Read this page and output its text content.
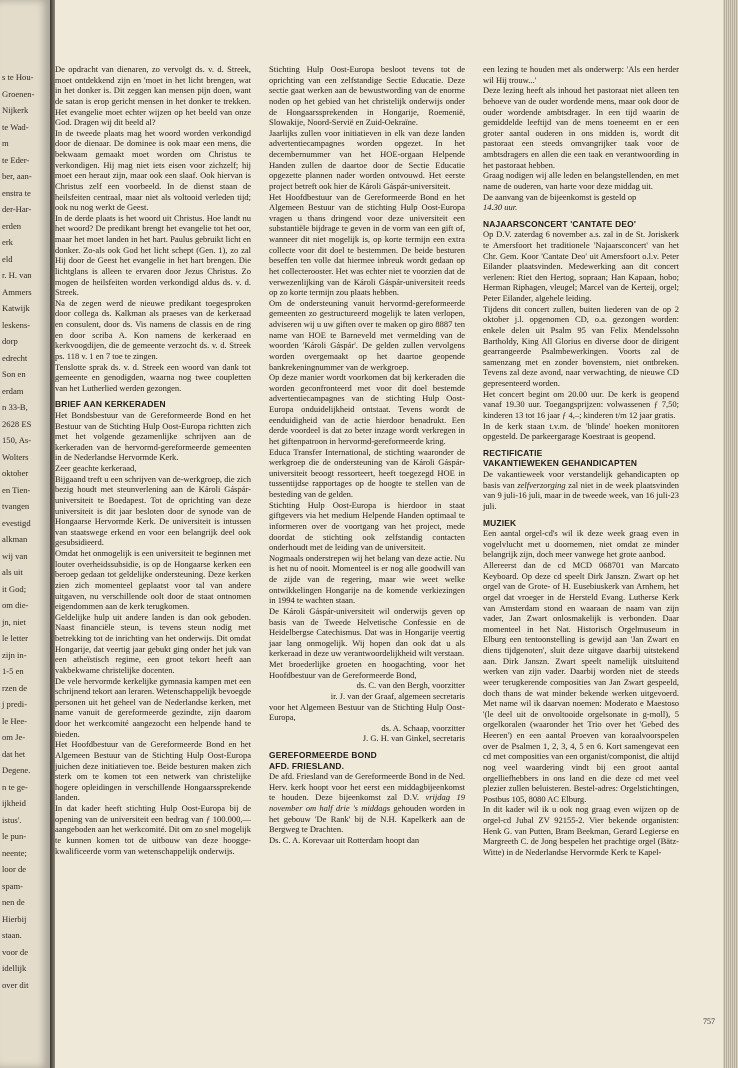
s te Hou-
Groenen-
Nijkerk
te Wad-
m
te Eder-
ber, aan-
enstra te
der-Har-
erden
erk
eld
r. H. van
Ammers
Katwijk
leskens-
dorp
edrecht
Son en
erdam
n 33-B,
2628 ES
150, As-
Wolters
oktober
en Tien-
tvangen
evestigd
alkman
wij van
als uit
it God;
om die-
jn, niet
le letter
zijn in-
1-5 en
rzen de
j predi-
le Hee-
om Je-
dat het
Degene.
n te ge-
ijkheid
istus'.
le pun-
neente;
loor de
spam-
nen de
Hierbij
staan.
voor de
idellijk
over dit

De opdracht van dienaren, zo vervolgt ds. v. d. Streek, moet ontdekkend zijn en 'moet in het licht brengen, wat in het donker is. Dit zeggen kan mensen pijn doen, want de satan is erop gericht mensen in het donker te trekken. Het evangelie moet echter wijzen op het beeld van onze God. Dragen wij dit beeld al?

In de tweede plaats mag het woord worden verkondigd door de dienaar. De dominee is ook maar een mens, die bekwaam gemaakt moet worden om Christus te verkondigen. Hij mag niet iets eisen voor zichzelf; hij moet een heraut zijn, maar ook een slaaf. Ook hiervan is Christus zelf een voorbeeld. In de dienst staan de heilsfeiten centraal, maar niet als voltooid verleden tijd; ook nu nog werkt de Geest.

In de derde plaats is het woord uit Christus. Hoe landt nu het woord? De predikant brengt het evangelie tot het oor, maar het moet landen in het hart. Paulus gebruikt licht en donker. Zo-als ook God het licht schept (Gen. 1), zo zal Hij door de Geest het evangelie in het hart brengen. Die lichtglans is alleen te ervaren door Jezus Christus. Zo mogen de heilsfeiten worden verkondigd aldus ds. v. d. Streek.

Na de zegen werd de nieuwe predikant toegesproken door collega ds. Kalkman als praeses van de kerkeraad en consulent, door ds. Vis namens de classis en de ring en door scriba A. Kon namens de kerkeraad en kerkvoogdijen, die de gemeente verzocht ds. v. d. Streek ps. 118 v. 1 en 7 toe te zingen.

Tenslotte sprak ds. v. d. Streek een woord van dank tot gemeente en genodigden, waarna nog twee coupletten van het Lutherlied werden gezongen.

BRIEF AAN KERKERADEN

Het Bondsbestuur van de Gereformeerde Bond en het Bestuur van de Stichting Hulp Oost-Europa richtten zich met het volgende gezamenlijke schrijven aan de kerkeraden van de hervormd-gereformeerde gemeenten in de Nederlandse Hervormde Kerk.

Zeer geachte kerkeraad,

Bijgaand treft u een schrijven van de-werkgroep, die zich bezig houdt met steunverlening aan de Károli Gáspár-universiteit te Boedapest. Tot de oprichting van deze universiteit is dit jaar besloten door de synode van de Hongaarse Hervormde Kerk. De universiteit is intussen van staatswege erkend en voor een belangrijk deel ook gesubsidieerd.

Omdat het onmogelijk is een universiteit te beginnen met louter overheidssubsidie, is op de Hongaarse kerken een beroep gedaan tot geldelijke ondersteuning. Deze kerken zien zich momenteel geplaatst voor tal van andere uitgaven, nu verschillende oolt door de staat ontnomen eigendommen aan de kerk terugkomen.

Geldelijke hulp uit andere landen is dan ook geboden. Naast financiële steun, is tevens steun nodig met betrekking tot de inrichting van het onderwijs. Dit omdat Hongarije, dat veertig jaar gebukt ging onder het juk van een atheïstisch regime, een groot tekort heeft aan vakbekwame christelijke docenten.

De vele hervormde kerkelijke gymnasia kampen met een schrijnend tekort aan leraren. Wetenschappelijk bevoegde personen uit het geheel van de Nederlandse kerken, met name vanuit de gereformeerde gezindte, zijn daarom door het werkcomité aangezocht een helpende hand te bieden.

Het Hoofdbestuur van de Gereformeerde Bond en het Algemeen Bestuur van de Stichting Hulp Oost-Europa juichen deze initiatieven toe. Beide besturen maken zich sterk om te komen tot een netwerk van christelijke hogere opleidingen in verschillende Hongaarssprekende landen.

In dat kader heeft stichting Hulp Oost-Europa bij de opening van de universiteit een bedrag van ƒ 100.000,— aangeboden aan het werkcomité. Dit om zo snel mogelijk te kunnen komen tot de uitbouw van deze hooggekwalificeerde vorm van wetenschappelijk onderwijs.

Stichting Hulp Oost-Europa besloot tevens tot de oprichting van een zelfstandige Sectie Educatie. Deze sectie gaat werken aan de bewustwording van de enorme noden op het gebied van het christelijk onderwijs onder de Hongaarssprekenden in Hongarije, Roemenië, Slowakije, Noord-Servië en Zuid-Oekraïne.

Jaarlijks zullen voor initiatieven in elk van deze landen advertentiecampagnes worden opgezet. In het decembernummer van het HOE-orgaan Helpende Handen zullen de daartoe door de Sectie Educatie opgezette plannen nader worden ontvouwd. Het eerste project betreft ook hier de Károli Gáspár-universiteit.

Het Hoofdbestuur van de Gereformeerde Bond en het Algemeen Bestuur van de stichting Hulp Oost-Europa vragen u thans dringend voor deze universiteit een substantiële bijdrage te geven in de vorm van een gift of, wanneer dit niet mogelijk is, op korte termijn een extra collecte voor dit doel te bestemmen. De beide besturen beseffen ten volle dat hiermee inbreuk wordt gedaan op het collecterooster. Het was echter niet te voorzien dat de verwezenlijking van de Károli Gáspár-universiteit reeds op zo korte termijn zou plaats hebben.

Om de ondersteuning vanuit hervormd-gereformeerde gemeenten zo gestructureerd mogelijk te laten verlopen, adviseren wij u uw giften over te maken op giro 8887 ten name van HOE te Barneveld met vermelding van de woorden 'Károli Gáspár'. De gelden zullen vervolgens worden overgemaakt op het daartoe geopende bankrekeningnummer van de werkgroep.

Op deze manier wordt voorkomen dat bij kerkeraden die worden geconfronteerd met voor dit doel bestemde advertentiecampagnes van de stichting Hulp Oost-Europa onduidelijkheid ontstaat. Tevens wordt de eenduidigheid van de actie hierdoor benadrukt. Een derde voordeel is dat zo beter inzage wordt verkregen in het giftenpatroon in hervormd-gereformeerde kring.

Educa Transfer International, de stichting waaronder de werkgroep die de ondersteuning van de Károli Gáspár-universiteit beoogt ressorteert, heeft toegezegd HOE in tussentijdse rapportages op de hoogte te stellen van de besteding van de gelden.

Stichting Hulp Oost-Europa is hierdoor in staat giftgevers via het medium Helpende Handen optimaal te informeren over de voortgang van het project, mede doordat de stichting ook zelfstandig contacten onderhoudt met de leiding van de universiteit.

Nogmaals onderstrepen wij het belang van deze actie. Nu is het nu of nooit. Momenteel is er nog alle goodwill van de zijde van de regering, maar wie weet welke ontwikkelingen Hongarije na de komende verkiezingen in 1994 te wachten staan.

De Károli Gáspár-universiteit wil onderwijs geven op basis van de Tweede Helvetische Confessie en de Heidelbergse Catechismus. Dat was in Hongarije veertig jaar lang onmogelijk. Wij hopen dan ook dat u als kerkeraad in deze uw verantwoordelijkheid wilt verstaan.

Met broederlijke groeten en hoogachting, voor het Hoofdbestuur van de Gereformeerde Bond,

ds. C. van den Bergh, voorzitter

ir. J. van der Graaf, algemeen secretaris

voor het Algemeen Bestuur van de Stichting Hulp Oost-Europa,

ds. A. Schaap, voorzitter

J. G. H. van Ginkel, secretaris

GEREFORMEERDE BOND
AFD. FRIESLAND.

De afd. Friesland van de Gereformeerde Bond in de Ned. Herv. kerk hoopt voor het eerst een middagbijeenkomst te houden. Deze bijeenkomst zal D.V. vrijdag 19 november om half drie 's middags gehouden worden in het gebouw 'De Rank' bij de N.H. Kapelkerk aan de Bergweg te Drachten.

Ds. C. A. Korevaar uit Rotterdam hoopt dan

een lezing te houden met als onderwerp: 'Als een herder wil Hij trouw...'

Deze lezing heeft als inhoud het pastoraat niet alleen ten behoeve van de ouder wordende mens, maar ook door de ouder wordende ambtsdrager. In een tijd waarin de gemiddelde leeftijd van de mens toeneemt en er een groter aantal ouderen in ons midden is, wordt dit pastoraat een steeds omvangrijker taak voor de ambtsdragers en allen die een taak en verantwoording in het pastoraat hebben.

Graag nodigen wij alle leden en belangstellenden, en met name de ouderen, van harte voor deze middag uit.

De aanvang van de bijeenkomst is gesteld op
14.30 uur.

NAJAARSCONCERT 'CANTATE DEO'

Op D.V. zaterdag 6 november a.s. zal in de St. Joriskerk te Amersfoort het traditionele 'Najaarsconcert' van het Chr. Gem. Koor 'Cantate Deo' uit Amersfoort o.l.v. Peter Eilander plaatsvinden. Medewerking aan dit concert verlenen: Riet den Hertog, sopraan; Han Kapaan, hobo; Herman Riphagen, vleugel; Marcel van de Kerteij, orgel; Peter Eilander, algehele leiding.

Tijdens dit concert zullen, buiten liederen van de op 2 oktober j.l. opgenomen CD, o.a. gezongen worden: enkele delen uit Psalm 95 van Felix Mendelssohn Bartholdy, King All Glorius en diverse door de dirigent gearrangeerde Psalmbewerkingen. Voorts zal de samenzang met en zonder bovenstem, niet ontbreken. Tevens zal deze avond, naar verwachting, de nieuwe CD gepresenteerd worden.

Het concert begint om 20.00 uur. De kerk is geopend vanaf 19.30 uur. Toegangsprijzen: volwassenen ƒ 7,50; kinderen 13 tot 16 jaar ƒ 4,–; kinderen t/m 12 jaar gratis.

In de kerk staan t.v.m. de 'blinde' hoeken monitoren opgesteld. De parkeergarage Koestraat is geopend.

RECTIFICATIE
VAKANTIEWEKEN GEHANDICAPTEN

De vakantieweek voor verstandelijk gehandicapten op basis van zelfverzorging zal niet in de week plaatsvinden van 9 juli-16 juli, maar in de tweede week, van 16 juli-23 juli.

MUZIEK

Een aantal orgel-cd's wil ik deze week graag even in vogelvlucht met u doornemen, niet omdat ze minder belangrijk zijn, doch meer vanwege het grote aanbod.

Allereerst dan de cd MCD 068701 van Marcato Keyboard. Op deze cd speelt Dirk Janszn. Zwart op het orgel van de Grote- of H. Eusebiuskerk van Arnhem, het orgel dat vroeger in de Hersteld Evang. Lutherse Kerk van Amsterdam stond en waaraan de naam van zijn vader, Jan Zwart onlosmakelijk is verbonden. Daar momenteel in het Nat. Historisch Orgelmuseum in Elburg een tentoonstelling is gewijd aan 'Jan Zwart en diens tijdgenoten', sluit deze uitgave daarbij uitstekend aan. Dirk Janszn. Zwart speelt namelijk uitsluitend werken van zijn vader. Daarbij worden niet de steeds weer terugkerende composities van Jan Zwart gespeeld, doch thans de wat minder bekende werken uitgevoerd. Met name wil ik daarvan noemen: Moderato e Maestoso '(le deel uit de onvoltooide orgelsonate in g-moll), 5 orgelkoralen (waaronder het Trio over het 'Gebed des Heeren') en een aantal Proeven van koraalvoorspelen over de Psalmen 1, 2, 3, 4, 5 en 6. Kort samengevat een cd met composities van een organist/componist, die altijd nog veel waardering vindt bij een groot aantal orgelliefhebbers in ons land en die deze cd met veel plezier zullen beluisteren. Bestel-adres: Orgelstichtingen, Postbus 105, 8080 AC Elburg.

In dit kader wil ik u ook nog graag even wijzen op de orgel-cd Jubal ZV 92155-2. Vier bekende organisten: Henk G. van Putten, Bram Beekman, Gerard Legierse en Margreeth C. de Jong bespelen het prachtige orgel (Bätz-Witte) in de Nederlandse Hervormde Kerk te Kapel-

757
